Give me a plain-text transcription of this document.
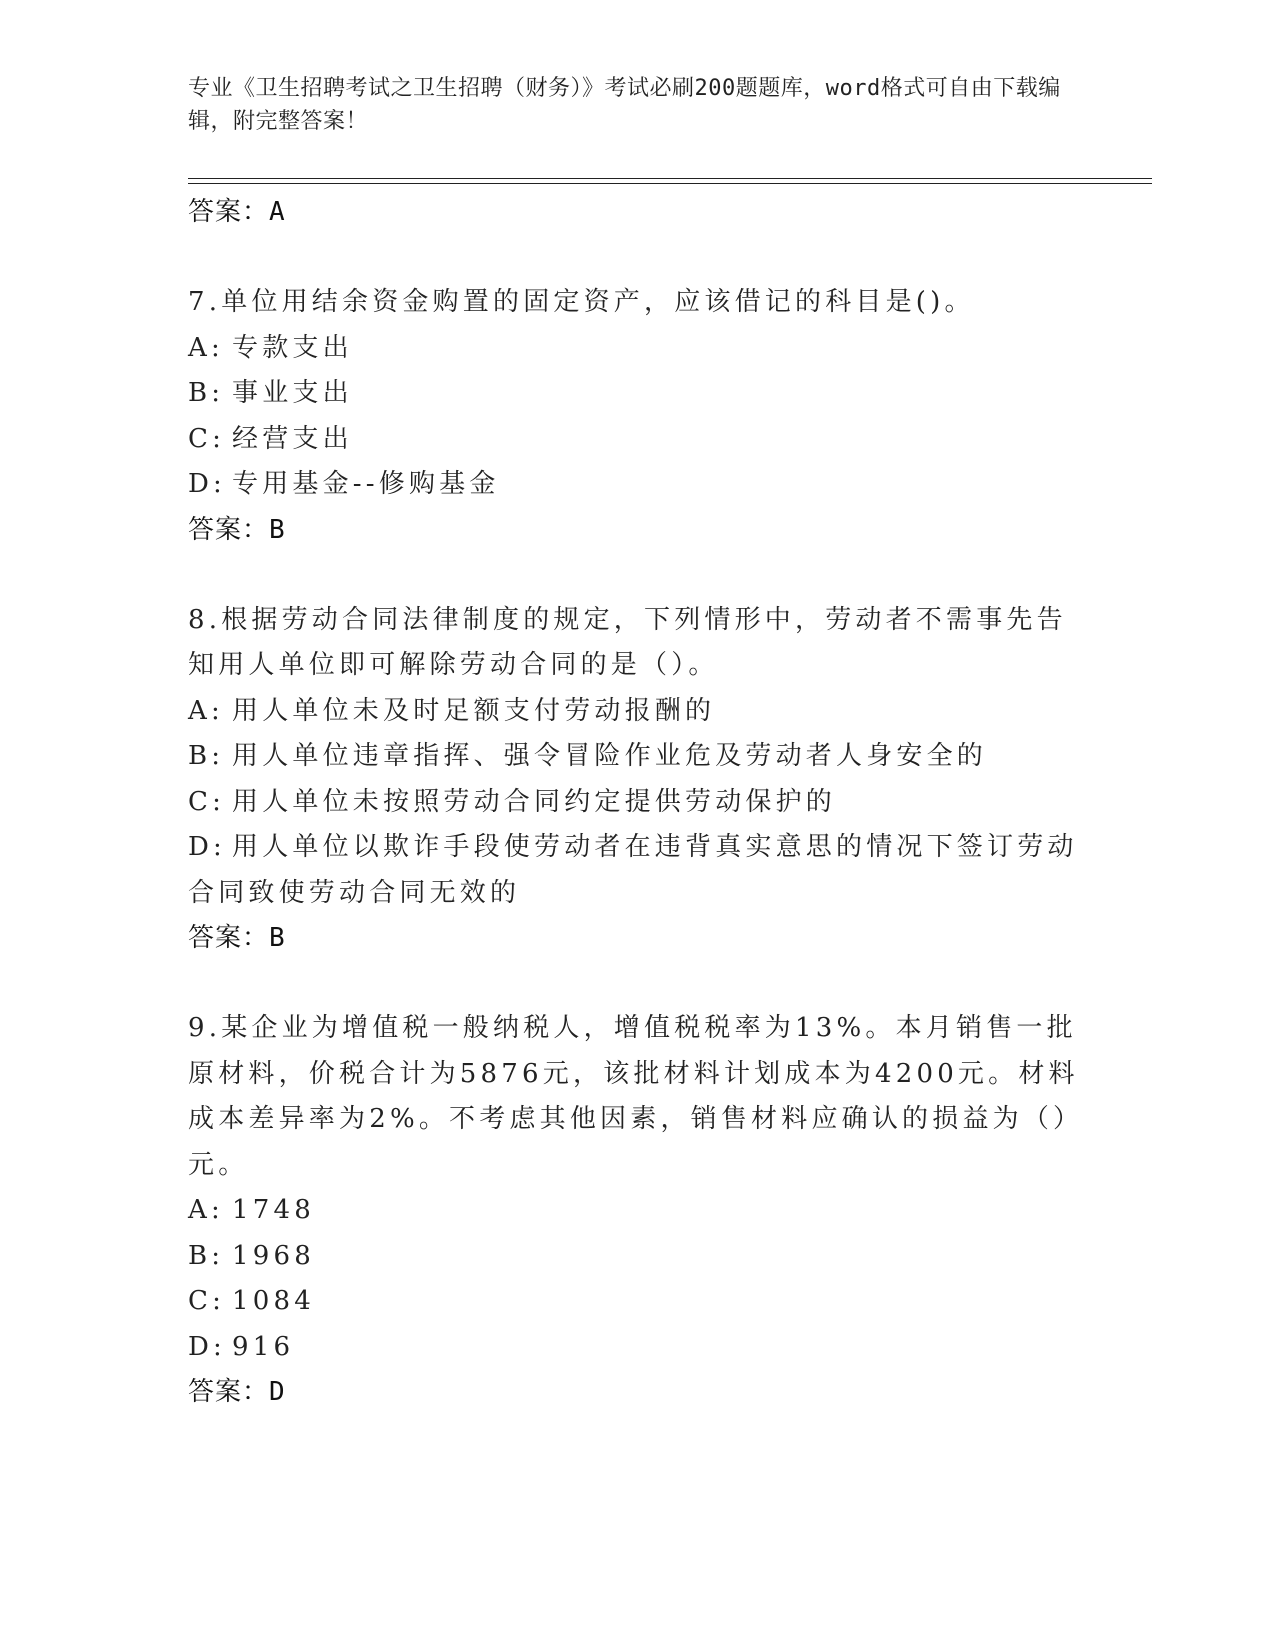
专业《卫生招聘考试之卫生招聘（财务）》考试必刷200题题库，word格式可自由下载编辑，附完整答案！

答案：A

7.单位用结余资金购置的固定资产，应该借记的科目是()。

A: 专款支出

B: 事业支出

C: 经营支出

D: 专用基金--修购基金

答案：B

8.根据劳动合同法律制度的规定，下列情形中，劳动者不需事先告知用人单位即可解除劳动合同的是（）。

A: 用人单位未及时足额支付劳动报酬的

B: 用人单位违章指挥、强令冒险作业危及劳动者人身安全的

C: 用人单位未按照劳动合同约定提供劳动保护的

D: 用人单位以欺诈手段使劳动者在违背真实意思的情况下签订劳动合同致使劳动合同无效的

答案：B

9.某企业为增值税一般纳税人，增值税税率为13%。本月销售一批原材料，价税合计为5876元，该批材料计划成本为4200元。材料成本差异率为2%。不考虑其他因素，销售材料应确认的损益为（）元。

A: 1748

B: 1968

C: 1084

D: 916

答案：D
